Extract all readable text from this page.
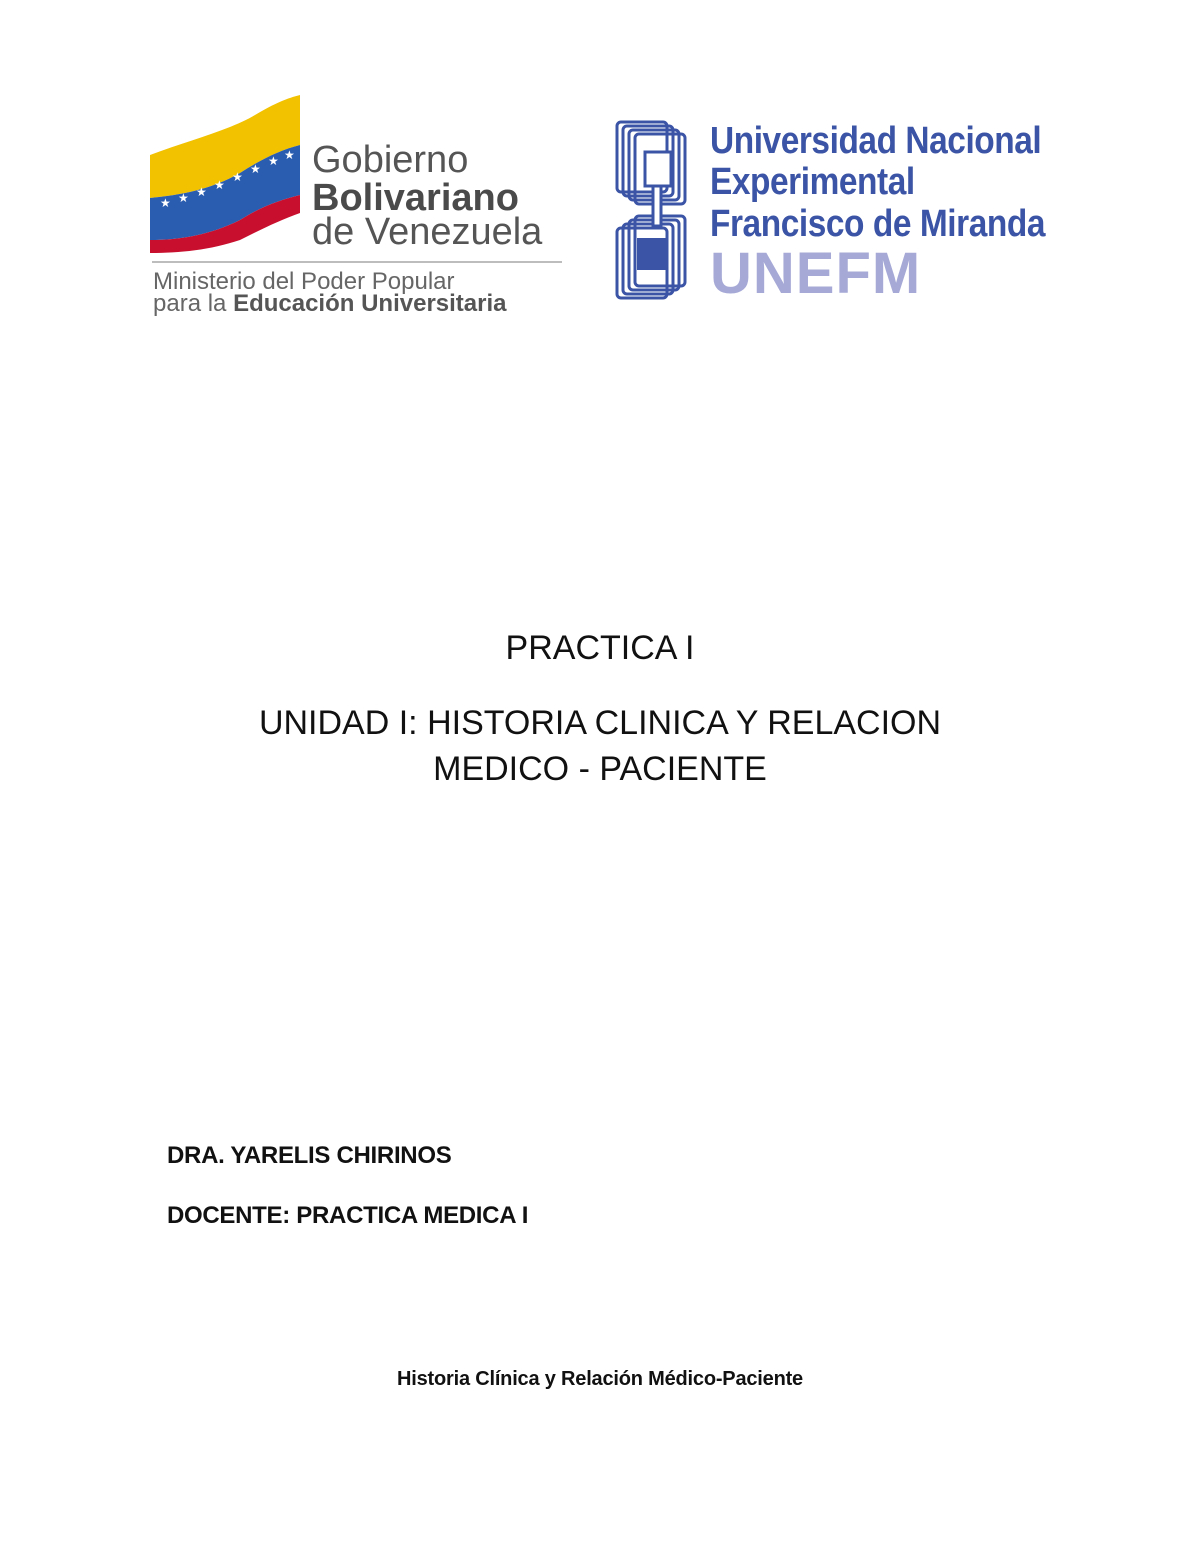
★ ★ ★ ★
★
★
★ ★ Gobierno
Bolivariano
de Venezuela
Ministerio del Poder Popular
para la Educación Universitaria
Universidad Nacional
Experimental
Francisco de Miranda
UNEFM
PRACTICA I
UNIDAD I: HISTORIA CLINICA Y RELACION
MEDICO - PACIENTE
DRA. YARELIS CHIRINOS
DOCENTE: PRACTICA MEDICA I
Historia Clínica y Relación Médico-Paciente
